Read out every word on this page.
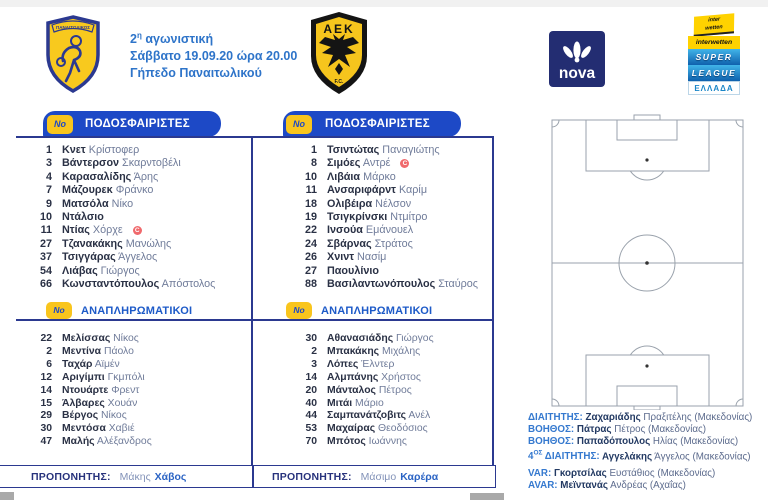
ΠΑΝΑΙΤΩΛΙΚΟΣ
$2^\eta$ αγωνιστική
Σάββατο 19.09.20 ώρα 20.00
Γήπεδο Παναιτωλικού
ΑΕΚ
F.C.	nova
inter
wetten
interwetten
SUPER
LEAGUE
ΕΛΛΑΔΑ
ΠΟΔΟΣΦΑΙΡΙΣΤΕΣ
Νο
1 Κνετ Κρίστοφερ
3 Βάντερσον Σκαρντοβέλι
4 Καρασαλίδης Άρης
7 Μάζουρεκ Φράνκο
9 Ματσόλα Νίκο
10 Ντάλσιο
11 Ντίας Χόρχε C
27 Τζανακάκης Μανώλης
37 Τσιγγάρας Άγγελος
54 Λιάβας Γιώργος
66 Κωνσταντόπουλος Απόστολος
Νο	ΑΝΑΠΛΗΡΩΜΑΤΙΚΟΙ
22 Μελίσσας Νίκος
2 Μεντίνα Πάολο
6 Ταχάρ Αϊμέν
12 Αριγίμπι Γκμπόλι
14 Ντουάρτε Φρεντ
15 Άλβαρες Χουάν
29 Βέργος Νίκος
30 Μεντόσα Χαβιέ
47 Μαλής Αλέξανδρος
ΠΡΟΠΟΝΗΤΗΣ: Μάκης Χάβος
ΠΟΔΟΣΦΑΙΡΙΣΤΕΣ
Νο
1 Τσιντώτας Παναγιώτης
8 Σιμόες Αντρέ C
10 Λιβάια Μάρκο
11 Ανσαριφάρντ Καρίμ
18 Ολιβέιρα Νέλσον
19 Τσιγκρίνσκι Ντμίτρο
22 Ινσούα Εμάνουελ
24 Σβάρνας Στράτος
26 Χνιντ Νασίμ
27 Παουλίνιο
88 Βασιλαντωνόπουλος Σταύρος
Νο	ΑΝΑΠΛΗΡΩΜΑΤΙΚΟΙ
30 Αθανασιάδης Γιώργος
2 Μπακάκης Μιχάλης
3 Λόπες Έλντερ
14 Αλμπάνης Χρήστος
20 Μάνταλος Πέτρος
40 Μιτάι Μάριο
44 Σαμπανάτζοβιτς Ανέλ
53 Μαχαίρας Θεοδόσιος
70 Μπότος Ιωάννης
ΠΡΟΠΟΝΗΤΗΣ: Μάσιμο Καρέρα
ΔΙΑΙΤΗΤΗΣ: Ζαχαριάδης Πραξιτέλης (Μακεδονίας)
ΒΟΗΘΟΣ: Πάτρας Πέτρος (Μακεδονίας)
ΒΟΗΘΟΣ: Παπαδόπουλος Ηλίας (Μακεδονίας)
$4^{O\Sigma}$ ΔΙΑΙΤΗΤΗΣ: Αγγελάκης Άγγελος (Μακεδονίας)
VAR: Γκορτσίλας Ευστάθιος (Μακεδονίας)
AVAR: Μεϊντανάς Ανδρέας (Αχαΐας)
